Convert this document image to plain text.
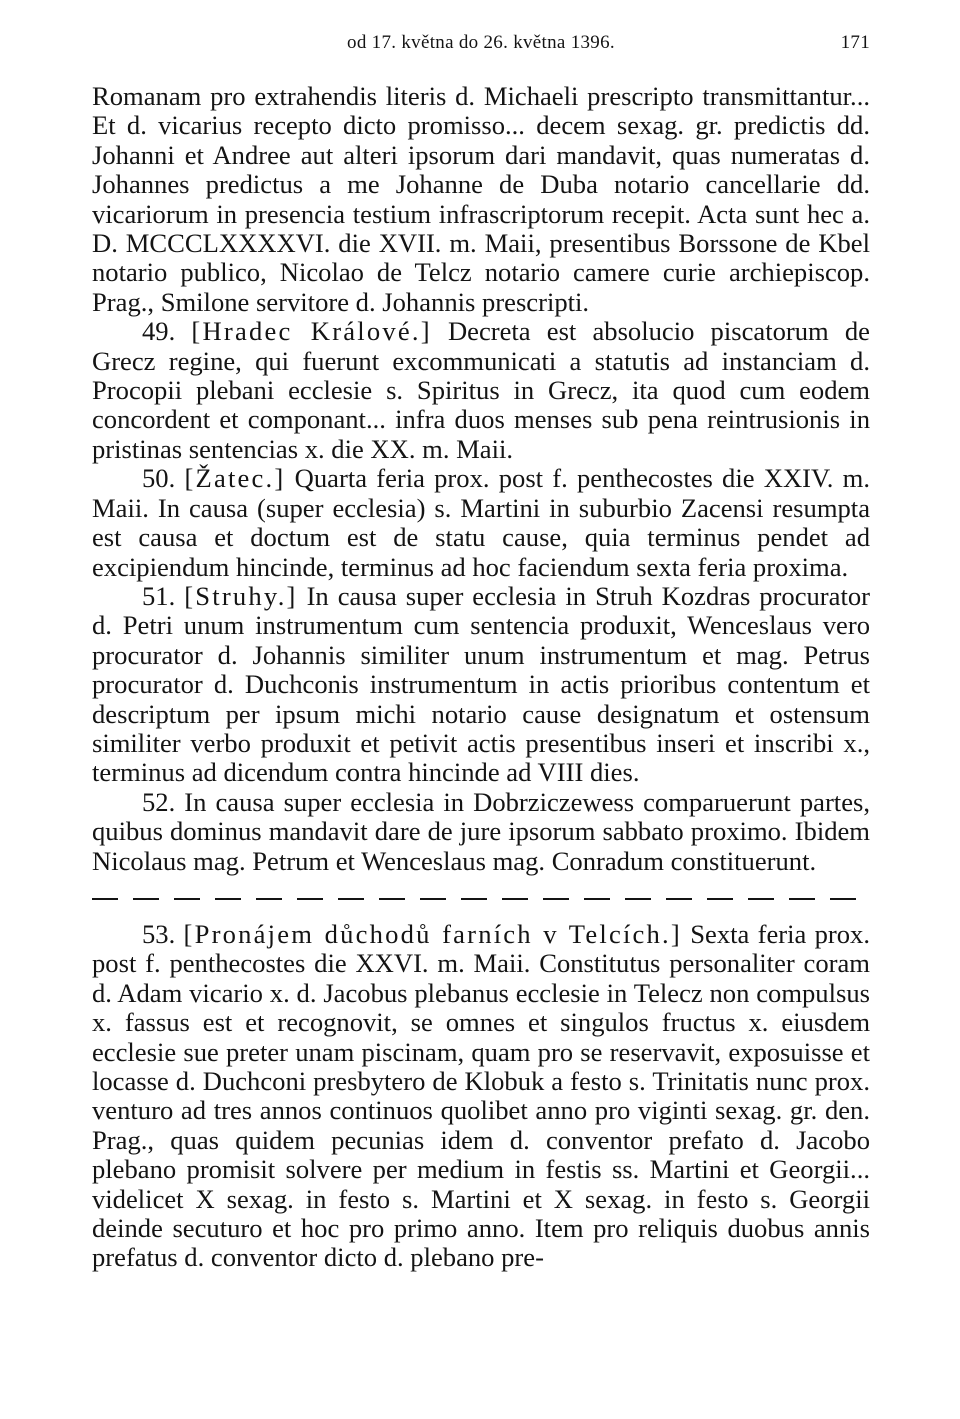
od 17. května do 26. května 1396.	171

Romanam pro extrahendis literis d. Michaeli prescripto transmittantur... Et d. vicarius recepto dicto promisso... decem sexag. gr. predictis dd. Johanni et Andree aut alteri ipsorum dari mandavit, quas numeratas d. Johannes predictus a me Johanne de Duba notario cancellarie dd. vicariorum in presencia testium infrascriptorum recepit. Acta sunt hec a. D. MCCCLXXXXVI. die XVII. m. Maii, presentibus Borssone de Kbel notario publico, Nicolao de Telcz notario camere curie archiepiscop. Prag., Smilone servitore d. Johannis prescripti.

49. [Hradec Králové.] Decreta est absolucio piscatorum de Grecz regine, qui fuerunt excommunicati a statutis ad instanciam d. Procopii plebani ecclesie s. Spiritus in Grecz, ita quod cum eodem concordent et componant... infra duos menses sub pena reintrusionis in pristinas sentencias x. die XX. m. Maii.

50. [Žatec.] Quarta feria prox. post f. penthecostes die XXIV. m. Maii. In causa (super ecclesia) s. Martini in suburbio Zacensi resumpta est causa et doctum est de statu cause, quia terminus pendet ad excipiendum hincinde, terminus ad hoc faciendum sexta feria proxima.

51. [Struhy.] In causa super ecclesia in Struh Kozdras procurator d. Petri unum instrumentum cum sentencia produxit, Wenceslaus vero procurator d. Johannis similiter unum instrumentum et mag. Petrus procurator d. Duchconis instrumentum in actis prioribus contentum et descriptum per ipsum michi notario cause designatum et ostensum similiter verbo produxit et petivit actis presentibus inseri et inscribi x., terminus ad dicendum contra hincinde ad VIII dies.

52. In causa super ecclesia in Dobrziczewess comparuerunt partes, quibus dominus mandavit dare de jure ipsorum sabbato proximo. Ibidem Nicolaus mag. Petrum et Wenceslaus mag. Conradum constituerunt.

53. [Pronájem důchodů farních v Telcích.] Sexta feria prox. post f. penthecostes die XXVI. m. Maii. Constitutus personaliter coram d. Adam vicario x. d. Jacobus plebanus ecclesie in Telecz non compulsus x. fassus est et recognovit, se omnes et singulos fructus x. eiusdem ecclesie sue preter unam piscinam, quam pro se reservavit, exposuisse et locasse d. Duchconi presbytero de Klobuk a festo s. Trinitatis nunc prox. venturo ad tres annos continuos quolibet anno pro viginti sexag. gr. den. Prag., quas quidem pecunias idem d. conventor prefato d. Jacobo plebano promisit solvere per medium in festis ss. Martini et Georgii... videlicet X sexag. in festo s. Martini et X sexag. in festo s. Georgii deinde secuturo et hoc pro primo anno. Item pro reliquis duobus annis prefatus d. conventor dicto d. plebano pre-
